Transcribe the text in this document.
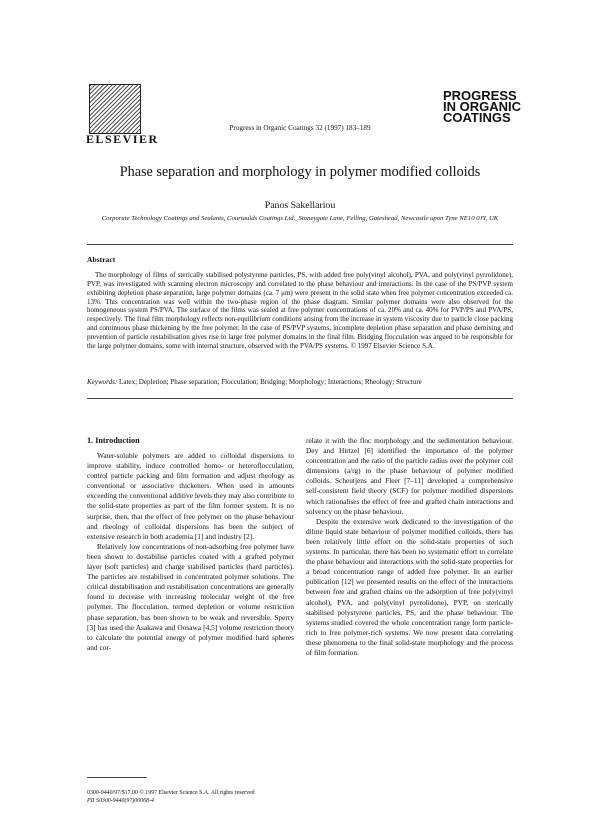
ELSEVIER
PROGRESS
IN ORGANIC
COATINGS
Progress in Organic Coatings 32 (1997) 183–189
Phase separation and morphology in polymer modified colloids
Panos Sakellariou
Corporate Technology Coatings and Sealants, Courtaulds Coatings Ltd., Stoneygate Lane, Felling, Gateshead, Newcastle upon Tyne NE10 0JY, UK
Abstract
The morphology of films of sterically stabilised polystyrene particles, PS, with added free poly(vinyl alcohol), PVA, and poly(vinyl pyrrolidone), PVP, was investigated with scanning electron microscopy and correlated to the phase behaviour and interactions. In the case of the PS/PVP system exhibiting depletion phase separation, large polymer domains (ca. 7 μm) were present in the solid state when free polymer concentration exceeded ca. 13%. This concentration was well within the two-phase region of the phase diagram. Similar polymer domains were also observed for the homogeneous system PS/PVA. The surface of the films was sealed at free polymer concentrations of ca. 20% and ca. 40% for PVP/PS and PVA/PS, respectively. The final film morphology reflects non-equilibrium conditions arising from the increase in system viscosity due to particle close packing and continuous phase thickening by the free polymer. In the case of PS/PVP systems, incomplete depletion phase separation and phase demixing and prevention of particle restabilisation gives rise to large free polymer domains in the final film. Bridging flocculation was argued to be responsible for the large polymer domains, some with internal structure, observed with the PVA/PS systems. © 1997 Elsevier Science S.A.
Keywords: Latex; Depletion; Phase separation; Flocculation; Bridging; Morphology; Interactions; Rheology; Structure
1. Introduction

Water-soluble polymers are added to colloidal dispersions to improve stability, induce controlled homo- or heteroflocculation, control particle packing and film formation and adjust rheology as conventional or associative thickeners. When used in amounts exceeding the conventional additive levels they may also contribute to the solid-state properties as part of the film former system. It is no surprise, then, that the effect of free polymer on the phase behaviour and rheology of colloidal dispersions has been the subject of extensive research in both academia [1] and industry [2].

Relatively low concentrations of non-adsorbing free polymer have been shown to destabilise particles coated with a grafted polymer layer (soft particles) and charge stabilised particles (hard particles). The particles are restabilised in concentrated polymer solutions. The critical destabilisation and restabilisation concentrations are generally found to decrease with increasing molecular weight of the free polymer. The flocculation, termed depletion or volume restriction phase separation, has been shown to be weak and reversible. Sperry [3] has used the Asakawa and Oosawa [4,5] volume restriction theory to calculate the potential energy of polymer modified hard spheres and cor-

relate it with the floc morphology and the sedimentation behaviour. Dey and Hirtzel [6] identified the importance of the polymer concentration and the ratio of the particle radius over the polymer coil dimensions (a/rg) to the phase behaviour of polymer modified colloids. Scheutjens and Fleer [7–11] developed a comprehensive self-consistent field theory (SCF) for polymer modified dispersions which rationalises the effect of free and grafted chain interactions and solvency on the phase behaviour.

Despite the extensive work dedicated to the investigation of the dilute liquid state behaviour of polymer modified colloids, there has been relatively little effort on the solid-state properties of such systems. In particular, there has been no systematic effort to correlate the phase behaviour and interactions with the solid-state properties for a broad concentration range of added free polymer. In an earlier publication [12] we presented results on the effect of the interactions between free and grafted chains on the adsorption of free poly(vinyl alcohol), PVA, and poly(vinyl pyrrolidone), PVP, on sterically stabilised polystyrene particles, PS, and the phase behaviour. The systems studied covered the whole concentration range form particle-rich to free polymer-rich systems. We now present data correlating these phenomena to the final solid-state morphology and the process of film formation.

0300-9440/97/$17.00 © 1997 Elsevier Science S.A. All rights reserved
PII S0300-9440(97)00068-4
